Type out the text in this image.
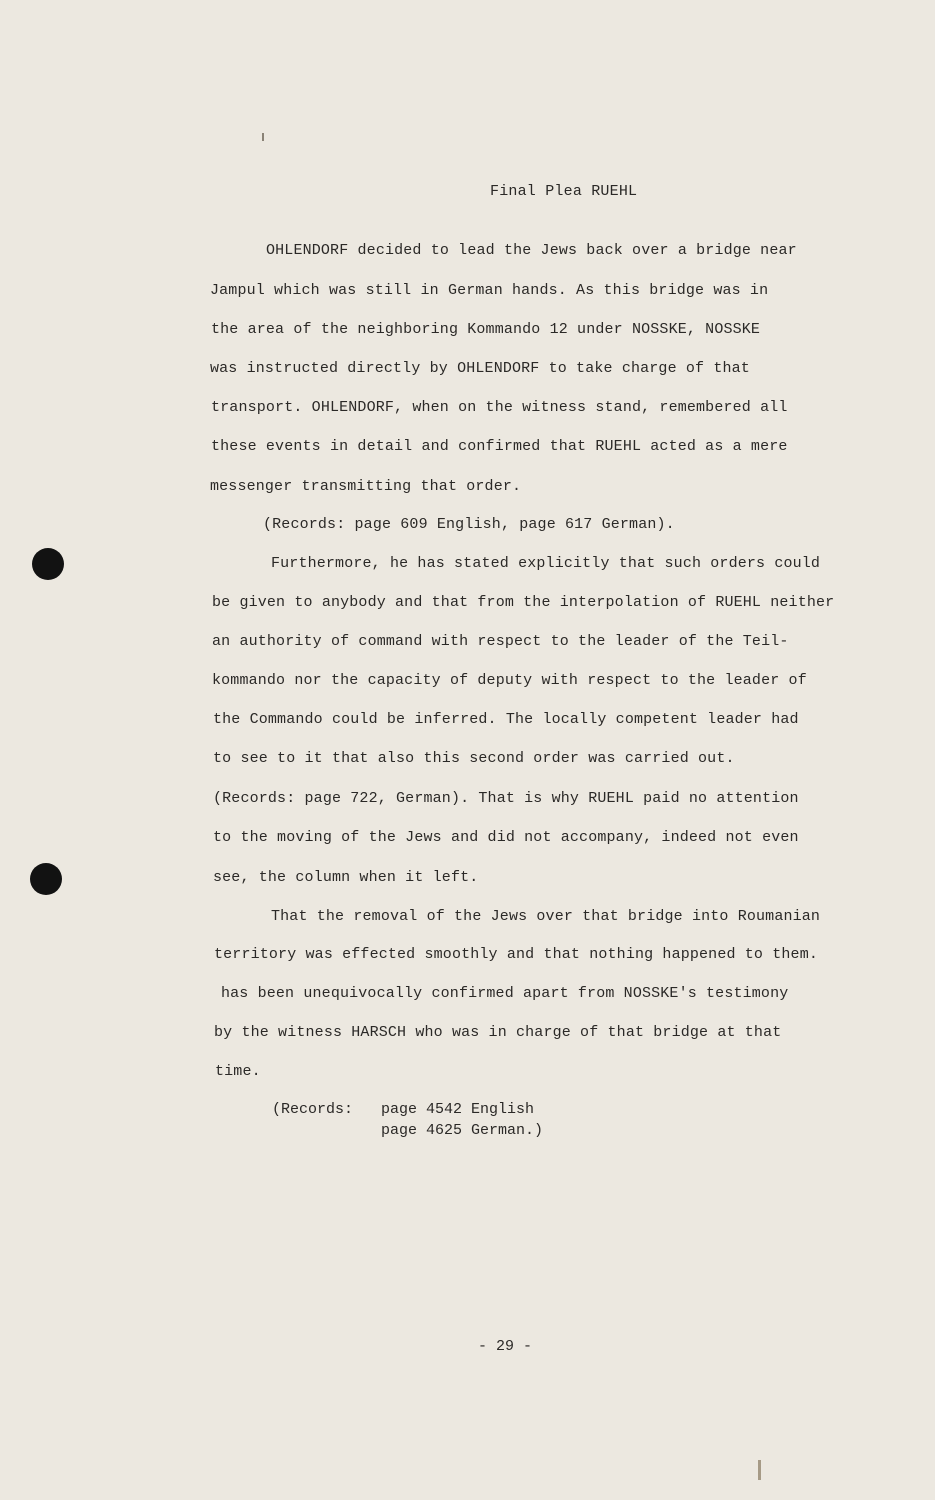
Final Plea RUEHL
OHLENDORF decided to lead the Jews back over a bridge near
Jampul which was still in German hands. As this bridge was in
the area of the neighboring Kommando 12 under NOSSKE, NOSSKE
was instructed directly by OHLENDORF to take charge of that
transport. OHLENDORF, when on the witness stand, remembered all
these events in detail and confirmed that RUEHL acted as a mere
messenger transmitting that order.
(Records: page 609 English, page 617 German).
Furthermore, he has stated explicitly that such orders could
be given to anybody and that from the interpolation of RUEHL neither
an authority of command with respect to the leader of the Teil-
kommando nor the capacity of deputy with respect to the leader of
the Commando could be inferred. The locally competent leader had
to see to it that also this second order was carried out.
(Records: page 722, German). That is why RUEHL paid no attention
to the moving of the Jews and did not accompany, indeed not even
see, the column when it left.
That the removal of the Jews over that bridge into Roumanian
territory was effected smoothly and that nothing happened to them.
has been unequivocally confirmed apart from NOSSKE's testimony
by the witness HARSCH who was in charge of that bridge at that
time.
(Records: page 4542 English
page 4625 German.)
- 29 -
